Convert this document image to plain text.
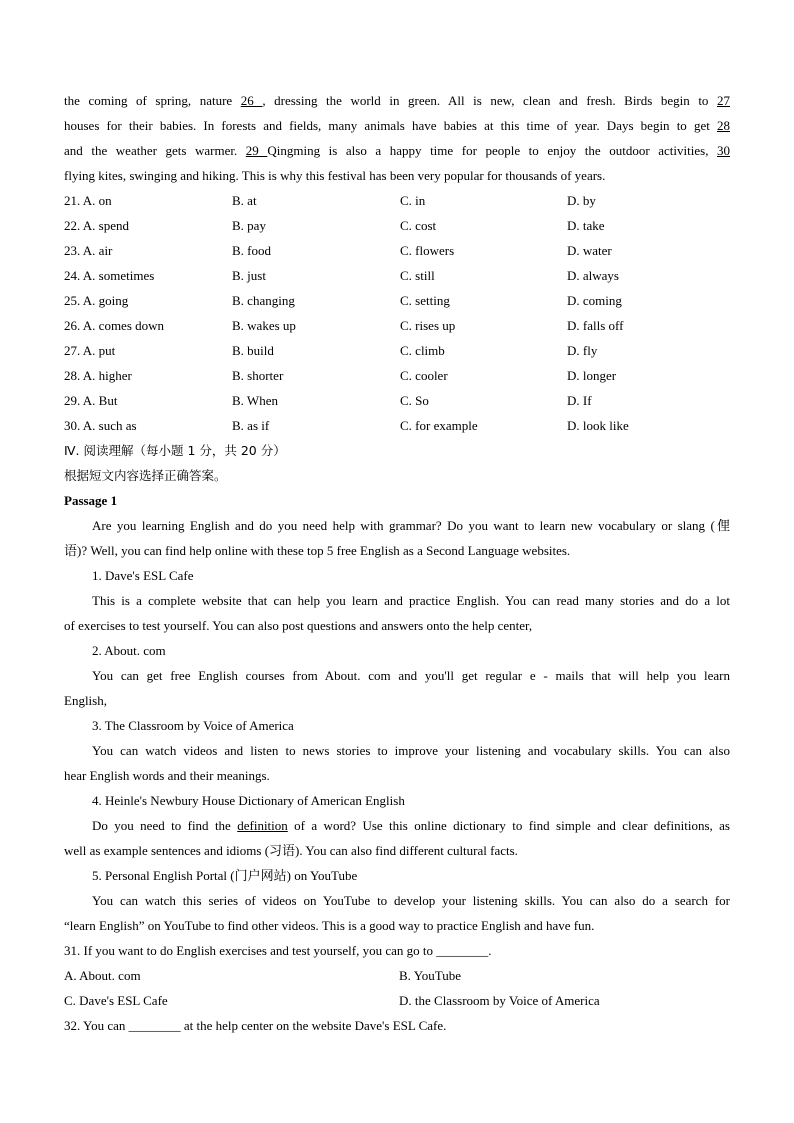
the coming of spring, nature 26 , dressing the world in green. All is new, clean and fresh. Birds begin to 27
houses for their babies. In forests and fields, many animals have babies at this time of year. Days begin to get 28
and the weather gets warmer. 29 Qingming is also a happy time for people to enjoy the outdoor activities, 30
flying kites, swinging and hiking. This is why this festival has been very popular for thousands of years.
21. A. on	B. at	C. in	D. by
22. A. spend	B. pay	C. cost	D. take
23. A. air	B. food	C. flowers	D. water
24. A. sometimes	B. just	C. still	D. always
25. A. going	B. changing	C. setting	D. coming
26. A. comes down	B. wakes up	C. rises up	D. falls off
27. A. put	B. build	C. climb	D. fly
28. A. higher	B. shorter	C. cooler	D. longer
29. A. But	B. When	C. So	D. If
30. A. such as	B. as if	C. for example	D. look like
Ⅳ. 阅读理解（每小题 1 分，共 20 分）
根据短文内容选择正确答案。
Passage 1
Are you learning English and do you need help with grammar? Do you want to learn new vocabulary or slang (俚
语)? Well, you can find help online with these top 5 free English as a Second Language websites.
1. Dave's ESL Cafe
This is a complete website that can help you learn and practice English. You can read many stories and do a lot
of exercises to test yourself. You can also post questions and answers onto the help center,
2. About. com
You can get free English courses from About. com and you'll get regular e - mails that will help you learn
English,
3. The Classroom by Voice of America
You can watch videos and listen to news stories to improve your listening and vocabulary skills. You can also
hear English words and their meanings.
4. Heinle's Newbury House Dictionary of American English
Do you need to find the definition of a word? Use this online dictionary to find simple and clear definitions, as
well as example sentences and idioms (习语). You can also find different cultural facts.
5. Personal English Portal (门户网站) on YouTube
You can watch this series of videos on YouTube to develop your listening skills. You can also do a search for
“learn English” on YouTube to find other videos. This is a good way to practice English and have fun.
31. If you want to do English exercises and test yourself, you can go to ________.
A. About. com	B. YouTube
C. Dave's ESL Cafe	D. the Classroom by Voice of America
32. You can ________ at the help center on the website Dave's ESL Cafe.
